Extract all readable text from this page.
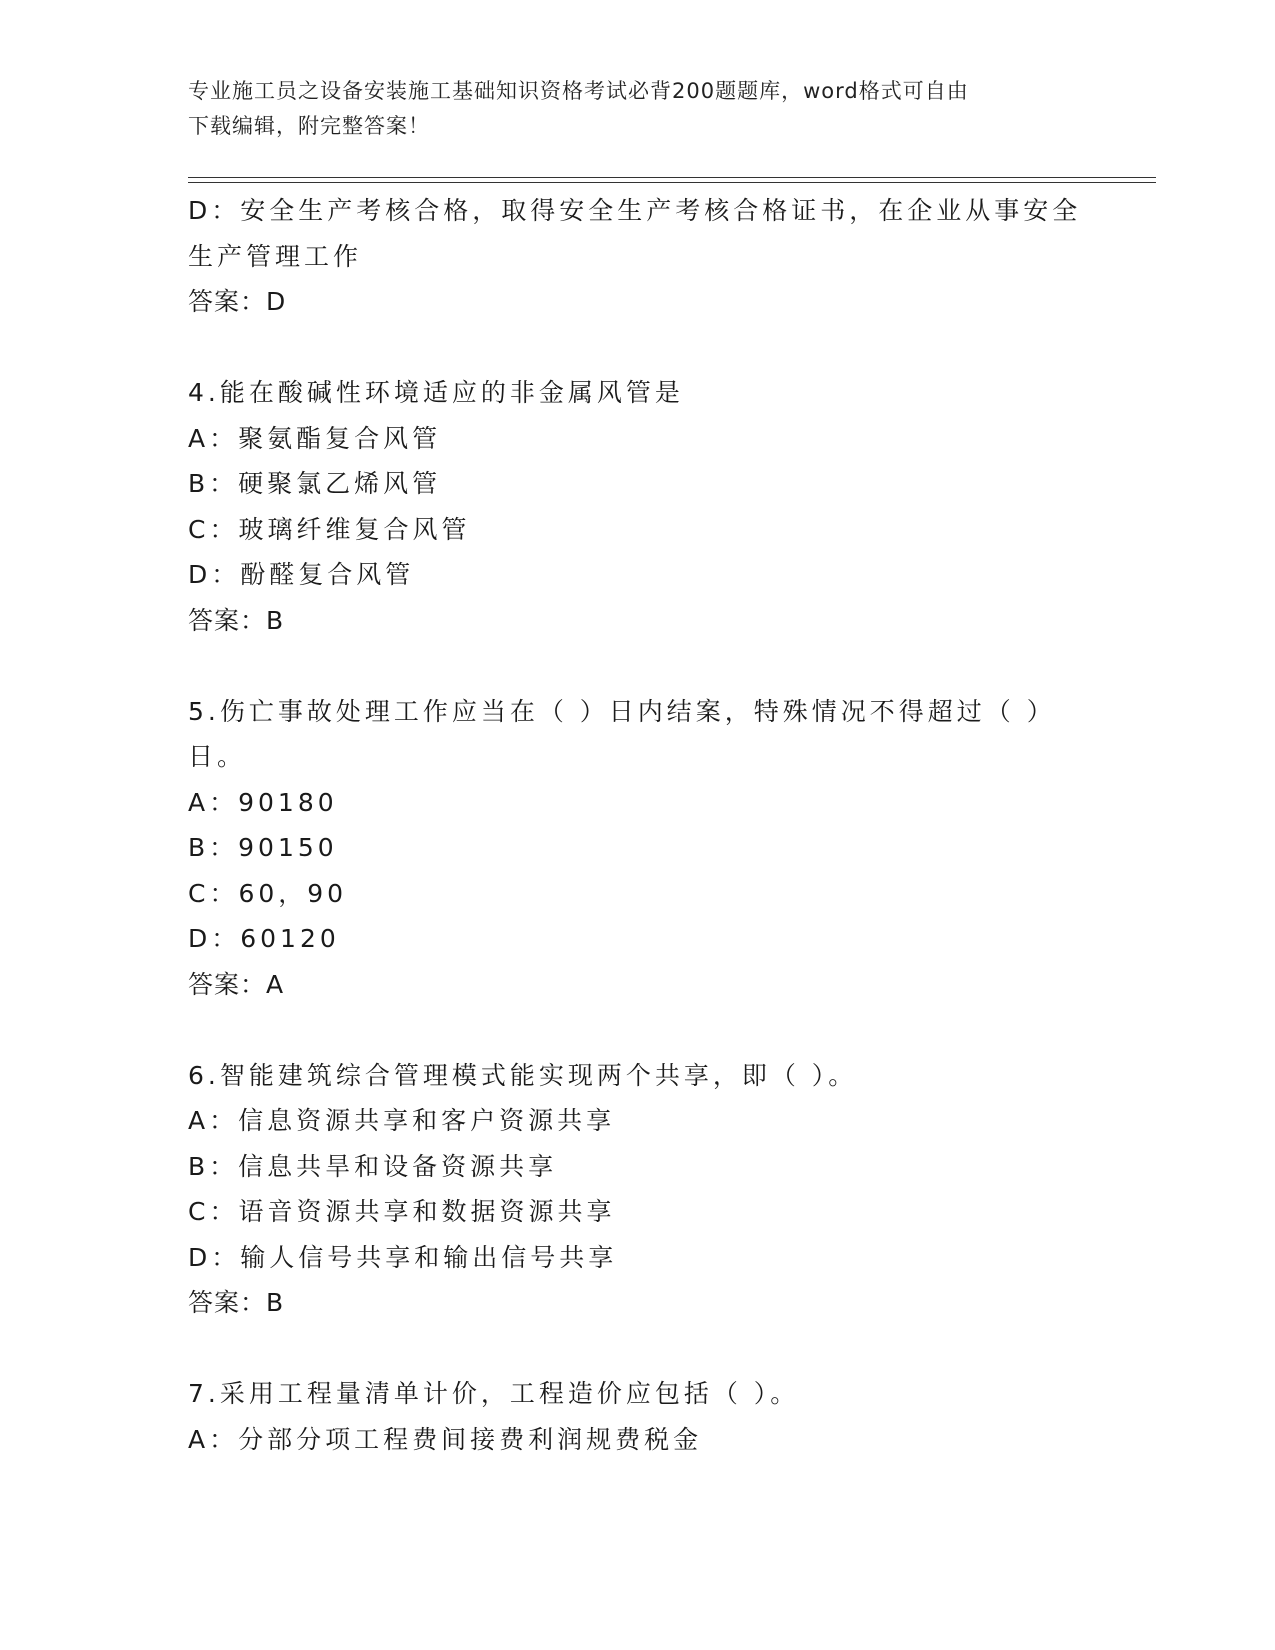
专业施工员之设备安装施工基础知识资格考试必背200题题库，word格式可自由
下载编辑，附完整答案！

D：安全生产考核合格，取得安全生产考核合格证书，在企业从事安全

生产管理工作

答案：D

4.能在酸碱性环境适应的非金属风管是

A：聚氨酯复合风管

B：硬聚氯乙烯风管

C：玻璃纤维复合风管

D：酚醛复合风管

答案：B

5.伤亡事故处理工作应当在（ ）日内结案，特殊情况不得超过（ ）

日。

A：90180

B：90150

C：60，90

D：60120

答案：A

6.智能建筑综合管理模式能实现两个共享，即（ ）。

A：信息资源共享和客户资源共享

B：信息共旱和设备资源共享

C：语音资源共享和数据资源共享

D：输人信号共享和输出信号共享

答案：B

7.采用工程量清单计价，工程造价应包括（ ）。

A：分部分项工程费间接费利润规费税金
